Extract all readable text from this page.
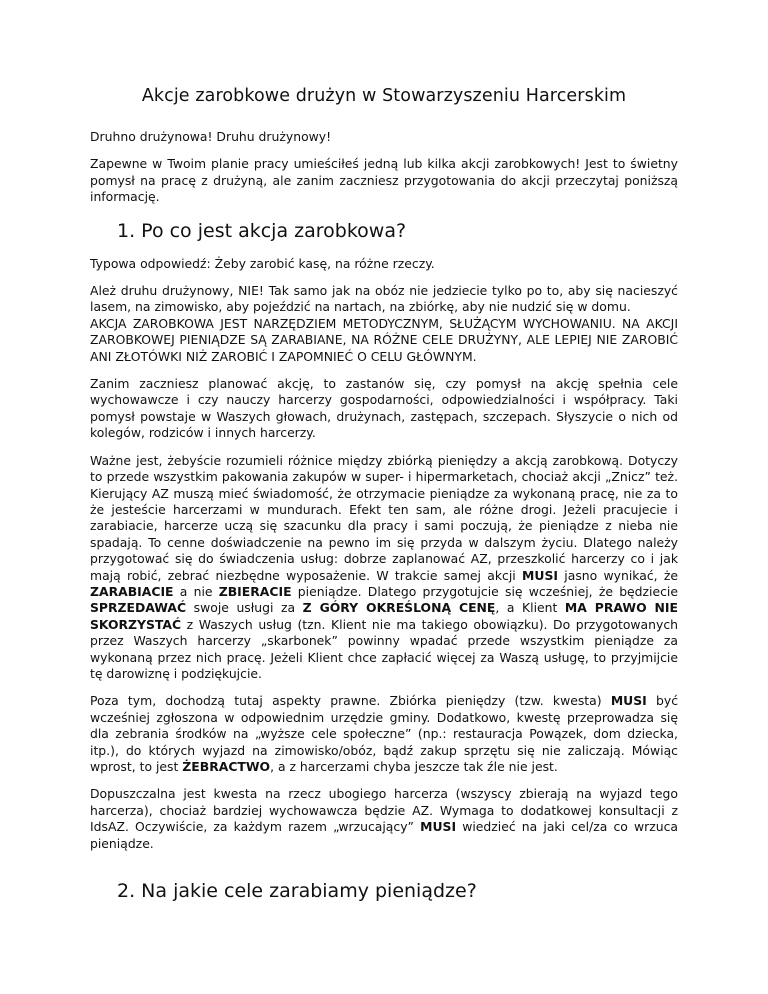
Akcje zarobkowe drużyn w Stowarzyszeniu Harcerskim

Druhno drużynowa! Druhu drużynowy!

Zapewne w Twoim planie pracy umieściłeś jedną lub kilka akcji zarobkowych! Jest to świetny pomysł na pracę z drużyną, ale zanim zaczniesz przygotowania do akcji przeczytaj poniższą informację.

1. Po co jest akcja zarobkowa?

Typowa odpowiedź: Żeby zarobić kasę, na różne rzeczy.

Ależ druhu drużynowy, NIE! Tak samo jak na obóz nie jedziecie tylko po to, aby się nacieszyć lasem, na zimowisko, aby pojeździć na nartach, na zbiórkę, aby nie nudzić się w domu.

AKCJA ZAROBKOWA JEST NARZĘDZIEM METODYCZNYM, SŁUŻĄCYM WYCHOWANIU. NA AKCJI ZAROBKOWEJ PIENIĄDZE SĄ ZARABIANE, NA RÓŻNE CELE DRUŻYNY, ALE LEPIEJ NIE ZAROBIĆ ANI ZŁOTÓWKI NIŻ ZAROBIĆ I ZAPOMNIEĆ O CELU GŁÓWNYM.

Zanim zaczniesz planować akcję, to zastanów się, czy pomysł na akcję spełnia cele wychowawcze i czy nauczy harcerzy gospodarności, odpowiedzialności i współpracy. Taki pomysł powstaje w Waszych głowach, drużynach, zastępach, szczepach. Słyszycie o nich od kolegów, rodziców i innych harcerzy.

Ważne jest, żebyście rozumieli różnice między zbiórką pieniędzy a akcją zarobkową. Dotyczy to przede wszystkim pakowania zakupów w super- i hipermarketach, chociaż akcji „Znicz” też. Kierujący AZ muszą mieć świadomość, że otrzymacie pieniądze za wykonaną pracę, nie za to że jesteście harcerzami w mundurach. Efekt ten sam, ale różne drogi. Jeżeli pracujecie i zarabiacie, harcerze uczą się szacunku dla pracy i sami poczują, że pieniądze z nieba nie spadają. To cenne doświadczenie na pewno im się przyda w dalszym życiu. Dlatego należy przygotować się do świadczenia usług: dobrze zaplanować AZ, przeszkolić harcerzy co i jak mają robić, zebrać niezbędne wyposażenie. W trakcie samej akcji MUSI jasno wynikać, że ZARABIACIE a nie ZBIERACIE pieniądze. Dlatego przygotujcie się wcześniej, że będziecie SPRZEDAWAĆ swoje usługi za Z GÓRY OKREŚLONĄ CENĘ, a Klient MA PRAWO NIE SKORZYSTAĆ z Waszych usług (tzn. Klient nie ma takiego obowiązku). Do przygotowanych przez Waszych harcerzy „skarbonek” powinny wpadać przede wszystkim pieniądze za wykonaną przez nich pracę. Jeżeli Klient chce zapłacić więcej za Waszą usługę, to przyjmijcie tę darowiznę i podziękujcie.

Poza tym, dochodzą tutaj aspekty prawne. Zbiórka pieniędzy (tzw. kwesta) MUSI być wcześniej zgłoszona w odpowiednim urzędzie gminy. Dodatkowo, kwestę przeprowadza się dla zebrania środków na „wyższe cele społeczne” (np.: restauracja Powązek, dom dziecka, itp.), do których wyjazd na zimowisko/obóz, bądź zakup sprzętu się nie zaliczają. Mówiąc wprost, to jest ŻEBRACTWO, a z harcerzami chyba jeszcze tak źle nie jest.

Dopuszczalna jest kwesta na rzecz ubogiego harcerza (wszyscy zbierają na wyjazd tego harcerza), chociaż bardziej wychowawcza będzie AZ. Wymaga to dodatkowej konsultacji z IdsAZ. Oczywiście, za każdym razem „wrzucający” MUSI wiedzieć na jaki cel/za co wrzuca pieniądze.

2. Na jakie cele zarabiamy pieniądze?
